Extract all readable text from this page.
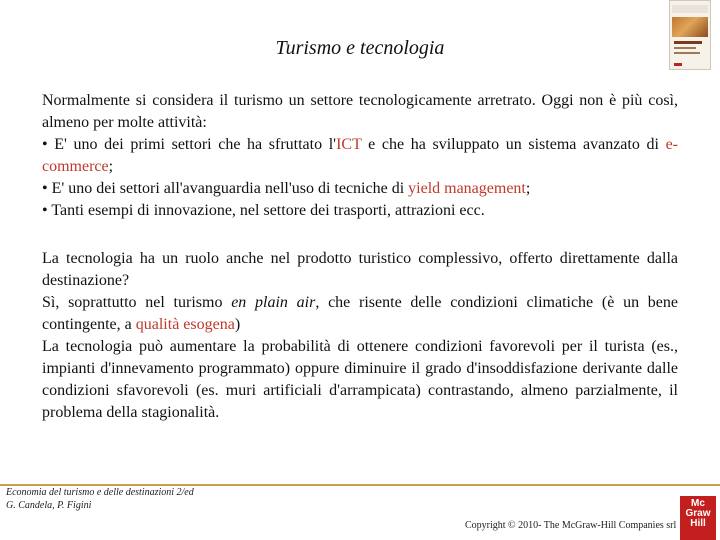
Turismo e tecnologia

Normalmente si considera il turismo un settore tecnologicamente arretrato. Oggi non è più così, almeno per molte attività:

• E' uno dei primi settori che ha sfruttato l'ICT e che ha sviluppato un sistema avanzato di e-commerce;

• E' uno dei settori all'avanguardia nell'uso di tecniche di yield management;

• Tanti esempi di innovazione, nel settore dei trasporti, attrazioni ecc.

La tecnologia ha un ruolo anche nel prodotto turistico complessivo, offerto direttamente dalla destinazione?

Sì, soprattutto nel turismo en plain air, che risente delle condizioni climatiche (è un bene contingente, a qualità esogena)

La tecnologia può aumentare la probabilità di ottenere condizioni favorevoli per il turista (es., impianti d'innevamento programmato) oppure diminuire il grado d'insoddisfazione derivante dalle condizioni sfavorevoli (es. muri artificiali d'arrampicata) contrastando, almeno parzialmente, il problema della stagionalità.

Economia del turismo e delle destinazioni 2/ed
G. Candela, P. Figini
Copyright © 2010- The McGraw-Hill Companies srl
Mc
Graw
Hill
